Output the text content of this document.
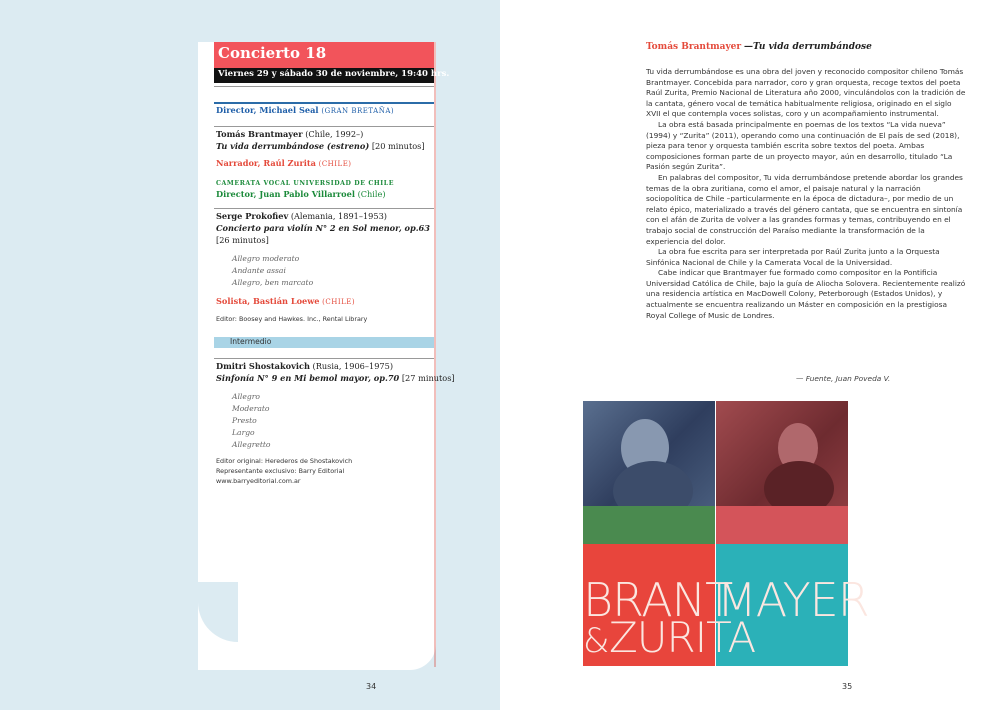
Concierto 18
Viernes 29 y sábado 30 de noviembre, 19:40 hrs.
Director, Michael Seal (GRAN BRETAÑA)
Tomás Brantmayer (Chile, 1992–)
Tu vida derrumbándose (estreno) [20 minutos]
Narrador, Raúl Zurita (CHILE)
CAMERATA VOCAL UNIVERSIDAD DE CHILE
Director, Juan Pablo Villarroel (Chile)
Serge Prokofiev (Alemania, 1891–1953)
Concierto para violín N° 2 en Sol menor, op.63
[26 minutos]
Allegro moderato
Andante assai
Allegro, ben marcato
Solista, Bastián Loewe (CHILE)
Editor: Boosey and Hawkes. Inc., Rental Library
Intermedio
Dmitri Shostakovich (Rusia, 1906–1975)
Sinfonía N° 9 en Mi bemol mayor, op.70 [27 minutos]
Allegro
Moderato
Presto
Largo
Allegretto
Editor original: Herederos de Shostakovich
Representante exclusivo: Barry Editorial
www.barryeditorial.com.ar
34
Tomás Brantmayer —Tu vida derrumbándose

Tu vida derrumbándose es una obra del joven y reconocido compositor chileno Tomás Brantmayer. Concebida para narrador, coro y gran orquesta, recoge textos del poeta Raúl Zurita, Premio Nacional de Literatura año 2000, vinculándolos con la tradición de la cantata, género vocal de temática habitualmente religiosa, originado en el siglo XVII el que contempla voces solistas, coro y un acompañamiento instrumental.

La obra está basada principalmente en poemas de los textos “La vida nueva” (1994) y “Zurita” (2011), operando como una continuación de El país de sed (2018), pieza para tenor y orquesta también escrita sobre textos del poeta. Ambas composiciones forman parte de un proyecto mayor, aún en desarrollo, titulado “La Pasión según Zurita”.

En palabras del compositor, Tu vida derrumbándose pretende abordar los grandes temas de la obra zuritiana, como el amor, el paisaje natural y la narración sociopolítica de Chile –particularmente en la época de dictadura–, por medio de un relato épico, materializado a través del género cantata, que se encuentra en sintonía con el afán de Zurita de volver a las grandes formas y temas, contribuyendo en el trabajo social de construcción del Paraíso mediante la transformación de la experiencia del dolor.

La obra fue escrita para ser interpretada por Raúl Zurita junto a la Orquesta Sinfónica Nacional de Chile y la Camerata Vocal de la Universidad.

Cabe indicar que Brantmayer fue formado como compositor en la Pontificia Universidad Católica de Chile, bajo la guía de Aliocha Solovera. Recientemente realizó una residencia artística en MacDowell Colony, Peterborough (Estados Unidos), y actualmente se encuentra realizando un Máster en composición en la prestigiosa Royal College of Music de Londres.

— Fuente, Juan Poveda V.
BRANT
MAYER
& ZURITA
35
